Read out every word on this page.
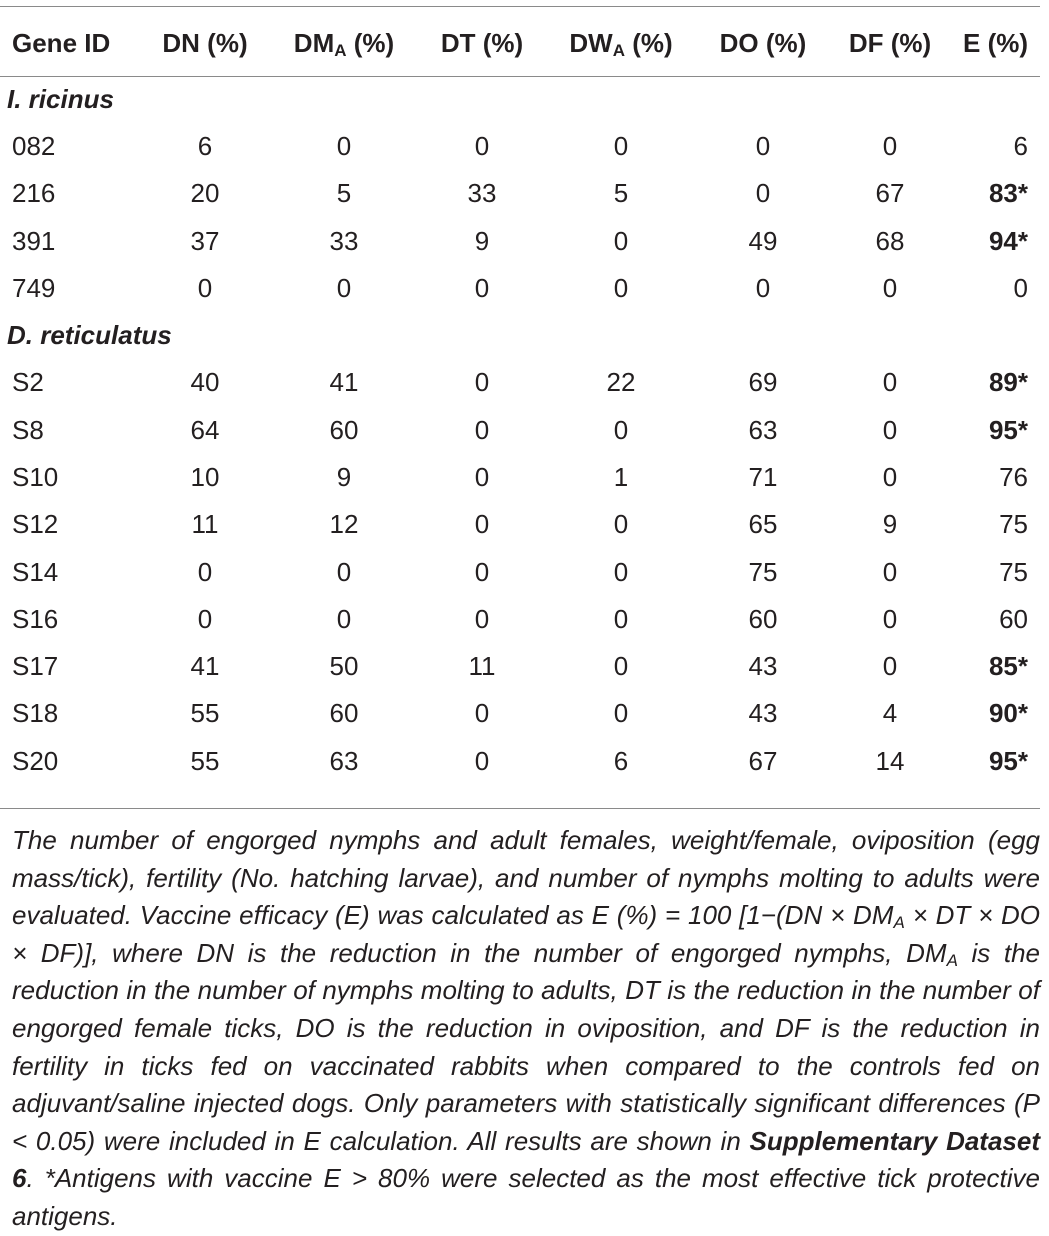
Gene ID	DN (%)	$DM_A$ (%)	DT (%)	$DW_A$ (%)	DO (%)	DF (%)	E (%)

I. ricinus							
082	6	0	0	0	0	0	6
216	20	5	33	5	0	67	83*
391	37	33	9	0	49	68	94*
749	0	0	0	0	0	0	0
D. reticulatus							
S2	40	41	0	22	69	0	89*
S8	64	60	0	0	63	0	95*
S10	10	9	0	1	71	0	76
S12	11	12	0	0	65	9	75
S14	0	0	0	0	75	0	75
S16	0	0	0	0	60	0	60
S17	41	50	11	0	43	0	85*
S18	55	60	0	0	43	4	90*
S20	55	63	0	6	67	14	95*
The number of engorged nymphs and adult females, weight/female, oviposition (egg mass/tick), fertility (No. hatching larvae), and number of nymphs molting to adults were evaluated. Vaccine efficacy (E) was calculated as E (%) = 100 [$1-(DN \times DM_A$ × DT × DO × DF)], where DN is the reduction in the number of engorged nymphs, $DM_A$ is the reduction in the number of nymphs molting to adults, DT is the reduction in the number of engorged female ticks, DO is the reduction in oviposition, and DF is the reduction in fertility in ticks fed on vaccinated rabbits when compared to the controls fed on adjuvant/saline injected dogs. Only parameters with statistically significant differences (P < 0.05) were included in E calculation. All results are shown in Supplementary Dataset 6. *Antigens with vaccine E > 80% were selected as the most effective tick protective antigens.
